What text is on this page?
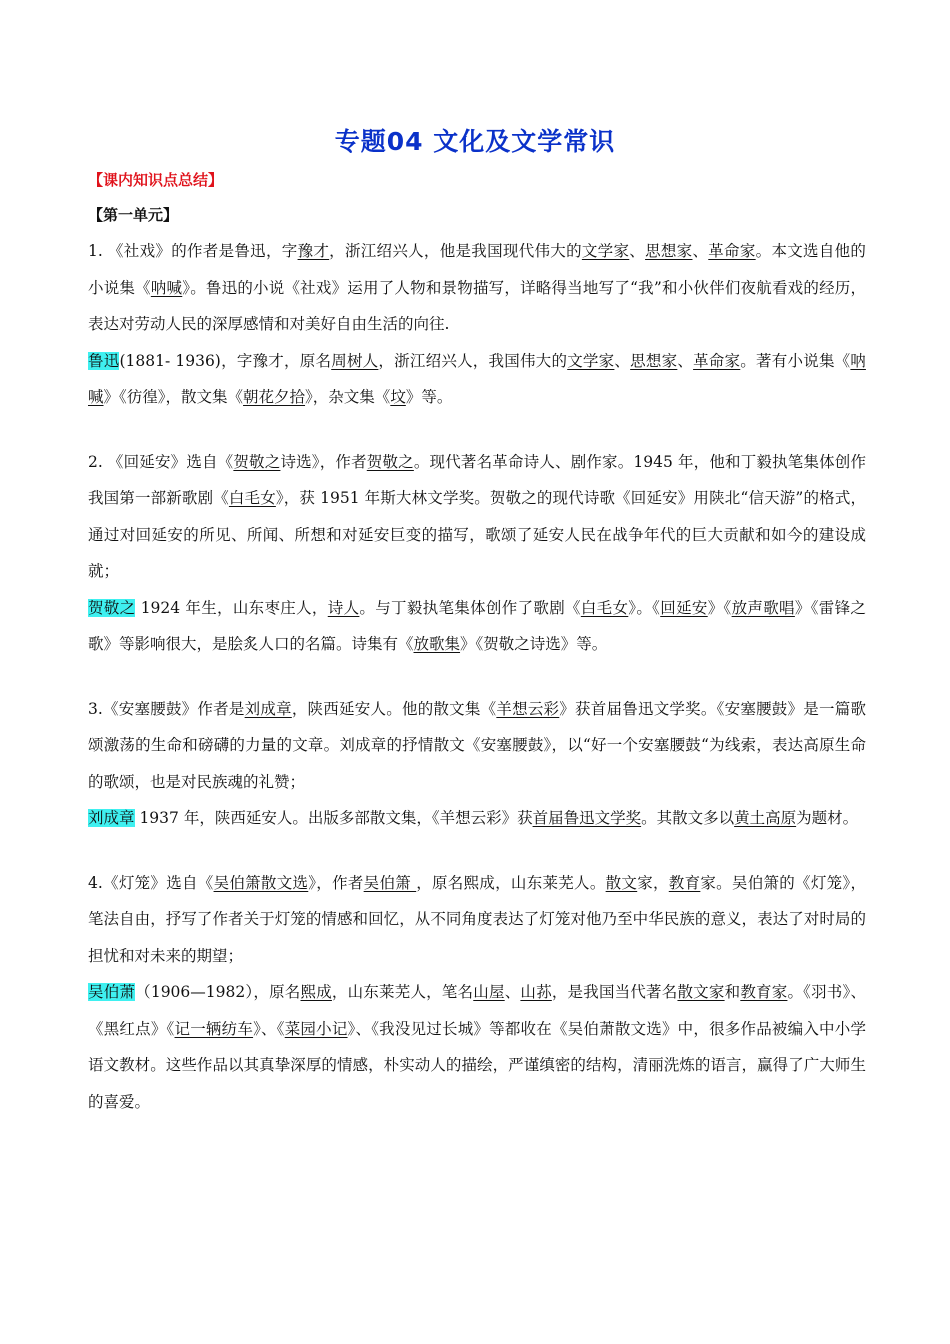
专题04 文化及文学常识
【课内知识点总结】
【第一单元】

1. 《社戏》的作者是鲁迅，字豫才，浙江绍兴人，他是我国现代伟大的文学家、思想家、革命家。本文选自他的小说集《呐喊》。鲁迅的小说《社戏》运用了人物和景物描写，详略得当地写了“我”和小伙伴们夜航看戏的经历，表达对劳动人民的深厚感情和对美好自由生活的向往.

鲁迅(1881- 1936)，字豫才，原名周树人，浙江绍兴人，我国伟大的文学家、思想家、革命家。著有小说集《呐喊》《彷徨》，散文集《朝花夕拾》，杂文集《坟》等。

2. 《回延安》选自《贺敬之诗选》，作者贺敬之。现代著名革命诗人、剧作家。1945 年，他和丁毅执笔集体创作我国第一部新歌剧《白毛女》，获 1951 年斯大林文学奖。贺敬之的现代诗歌《回延安》用陕北“信天游”的格式，通过对回延安的所见、所闻、所想和对延安巨变的描写，歌颂了延安人民在战争年代的巨大贡献和如今的建设成就；

贺敬之 1924 年生，山东枣庄人，诗人。与丁毅执笔集体创作了歌剧《白毛女》。《回延安》《放声歌唱》《雷锋之歌》等影响很大，是脍炙人口的名篇。诗集有《放歌集》《贺敬之诗选》等。

3.《安塞腰鼓》作者是刘成章，陕西延安人。他的散文集《羊想云彩》获首届鲁迅文学奖。《安塞腰鼓》是一篇歌颂激荡的生命和磅礴的力量的文章。刘成章的抒情散文《安塞腰鼓》，以“好一个安塞腰鼓“为线索，表达高原生命的歌颂，也是对民族魂的礼赞；

刘成章 1937 年，陕西延安人。出版多部散文集，《羊想云彩》获首届鲁迅文学奖。其散文多以黄土高原为题材。

4.《灯笼》选自《吴伯箫散文选》，作者吴伯箫 ，原名熙成，山东莱芜人。散文家，教育家。吴伯箫的《灯笼》，笔法自由，抒写了作者关于灯笼的情感和回忆，从不同角度表达了灯笼对他乃至中华民族的意义，表达了对时局的担忧和对未来的期望；

吴伯萧（1906—1982），原名熙成，山东莱芜人，笔名山屋、山荪，是我国当代著名散文家和教育家。《羽书》、《黑红点》《记一辆纺车》、《菜园小记》、《我没见过长城》等都收在《吴伯萧散文选》中，很多作品被编入中小学语文教材。这些作品以其真挚深厚的情感，朴实动人的描绘，严谨缜密的结构，清丽洗炼的语言，赢得了广大师生的喜爱。
